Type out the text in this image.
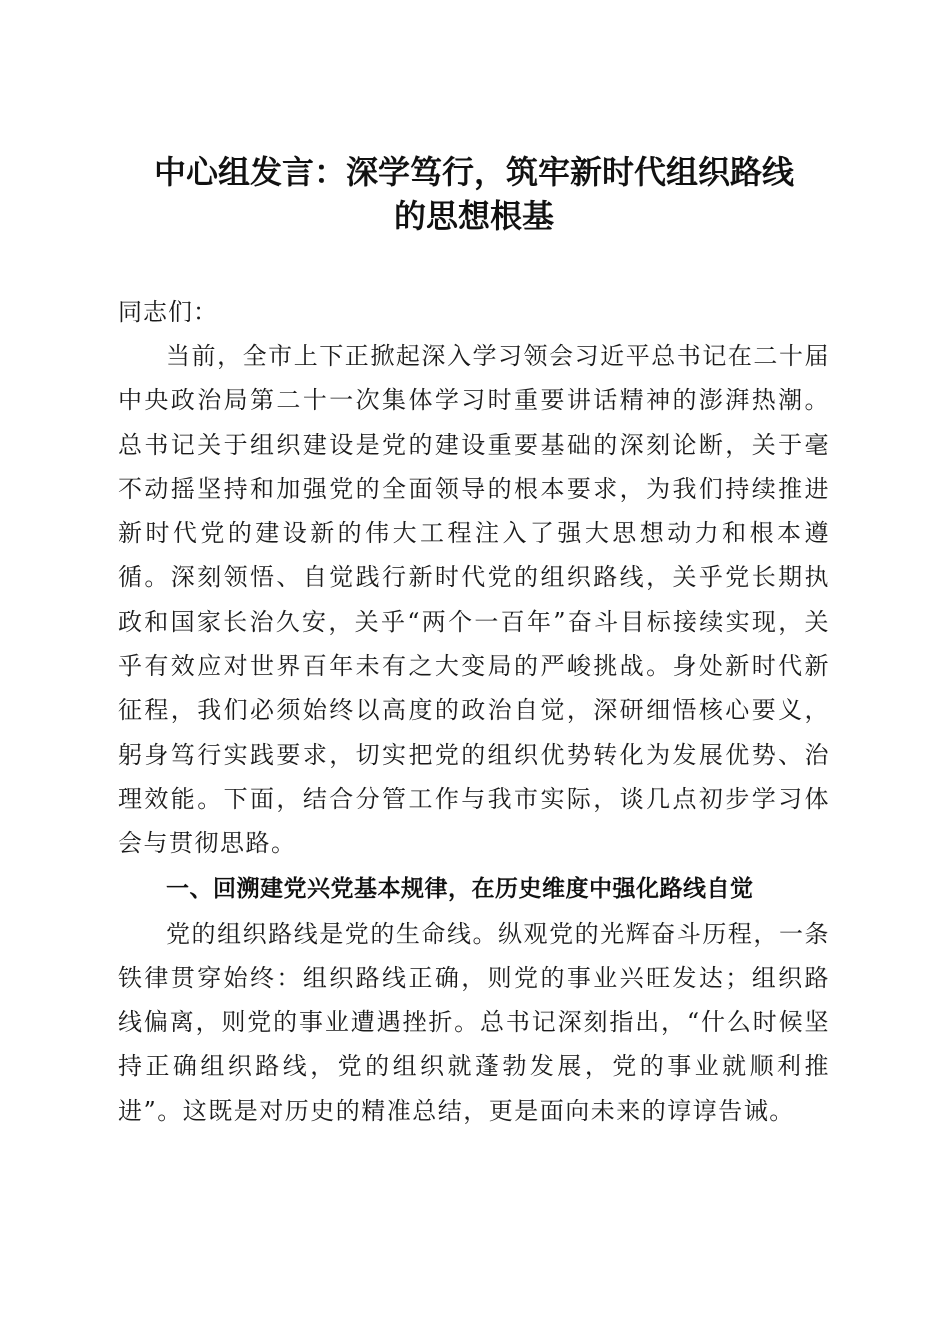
中心组发言：深学笃行，筑牢新时代组织路线
的思想根基

同志们：

当前，全市上下正掀起深入学习领会习近平总书记在二十届中央政治局第二十一次集体学习时重要讲话精神的澎湃热潮。总书记关于组织建设是党的建设重要基础的深刻论断，关于毫不动摇坚持和加强党的全面领导的根本要求，为我们持续推进新时代党的建设新的伟大工程注入了强大思想动力和根本遵循。深刻领悟、自觉践行新时代党的组织路线，关乎党长期执政和国家长治久安，关乎“两个一百年”奋斗目标接续实现，关乎有效应对世界百年未有之大变局的严峻挑战。身处新时代新征程，我们必须始终以高度的政治自觉，深研细悟核心要义，躬身笃行实践要求，切实把党的组织优势转化为发展优势、治理效能。下面，结合分管工作与我市实际，谈几点初步学习体会与贯彻思路。

一、回溯建党兴党基本规律，在历史维度中强化路线自觉

党的组织路线是党的生命线。纵观党的光辉奋斗历程，一条铁律贯穿始终：组织路线正确，则党的事业兴旺发达；组织路线偏离，则党的事业遭遇挫折。总书记深刻指出，“什么时候坚持正确组织路线，党的组织就蓬勃发展，党的事业就顺利推进”。这既是对历史的精准总结，更是面向未来的谆谆告诫。
